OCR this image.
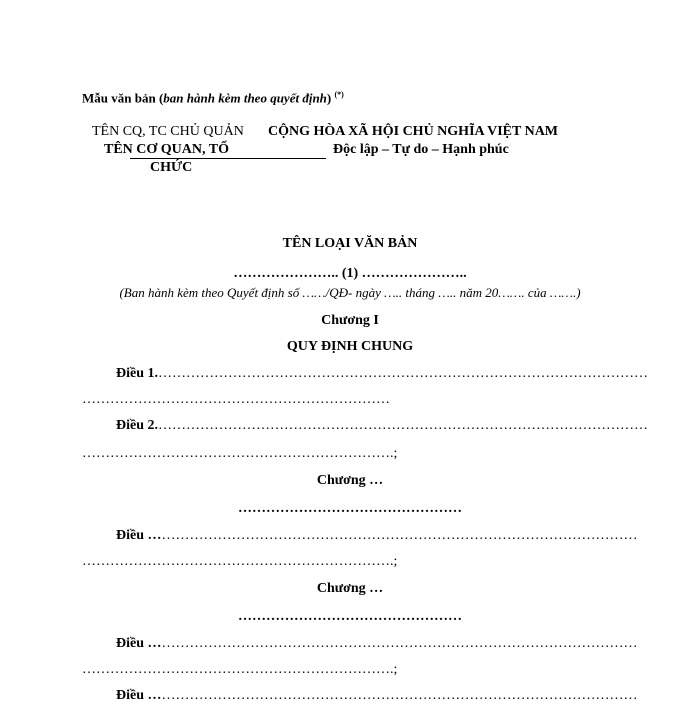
Mẫu văn bản (ban hành kèm theo quyết định) (*)
TÊN CQ, TC CHỦ QUẢN
TÊN CƠ QUAN, TỔ
CHỨC
CỘNG HÒA XÃ HỘI CHỦ NGHĨA VIỆT NAM
Độc lập – Tự do – Hạnh phúc
TÊN LOẠI VĂN BẢN
………………….. (1) …………………..
(Ban hành kèm theo Quyết định số ……/QĐ- ngày ….. tháng ….. năm 20……. của …….)
Chương I
QUY ĐỊNH CHUNG
Điều 1.……………………………………………………………………………………………
…………………………………………………………
Điều 2.……………………………………………………………………………………………
………………………………………………………….;
Chương …
…………………………………………
Điều ……………………………………………………………………………………………
………………………………………………………….;
Chương …
…………………………………………
Điều ……………………………………………………………………………………………
………………………………………………………….;
Điều ……………………………………………………………………………………………
